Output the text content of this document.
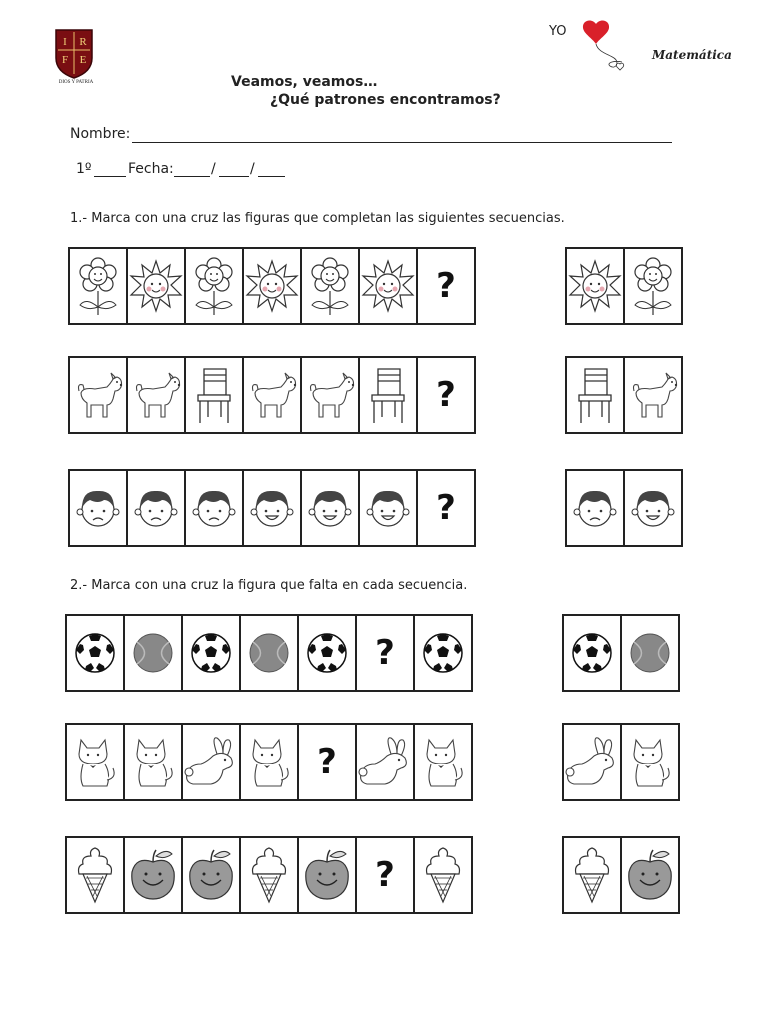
I R
F E
DIOS Y PATRIA
YO
Matemática
Veamos, veamos…
¿Qué patrones encontramos?
Nombre:
1º	Fecha:	/ /
1.- Marca con una cruz las figuras que completan las siguientes secuencias.
2.- Marca con una cruz la figura que falta en cada secuencia.
?
?
?
?
?
?
